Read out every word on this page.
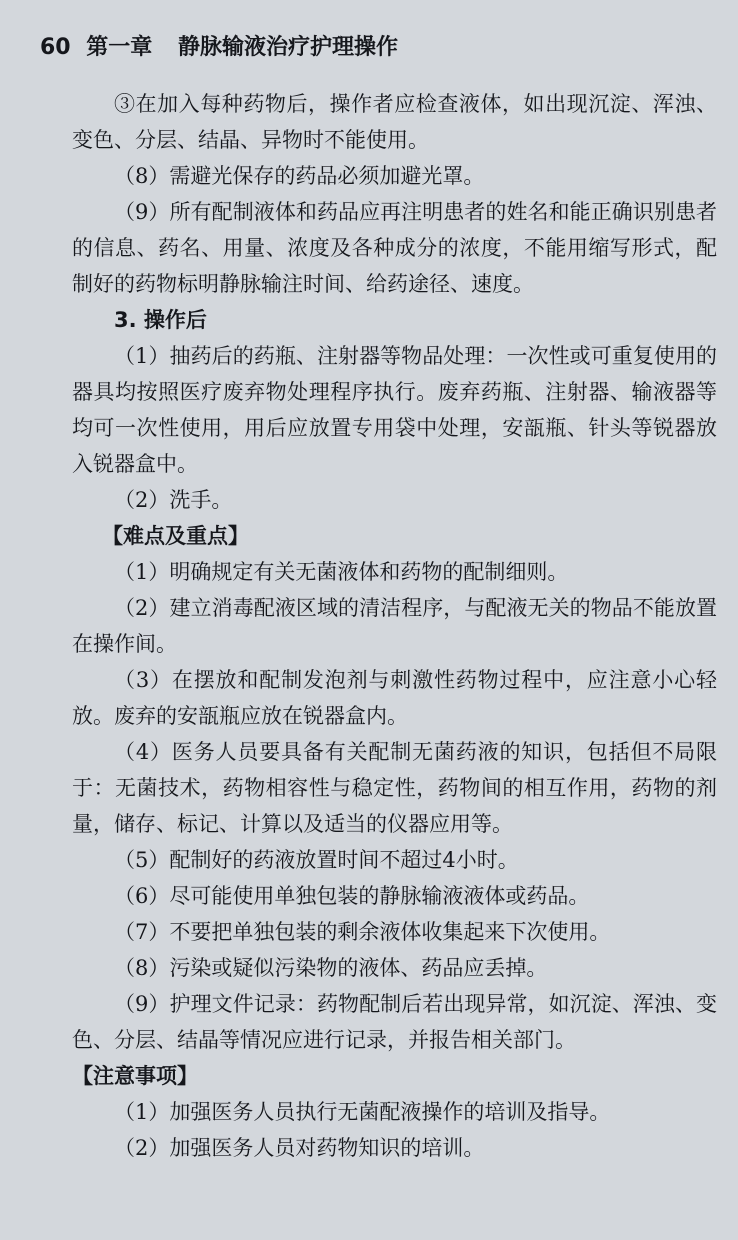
60 第一章 静脉输液治疗护理操作

③在加入每种药物后，操作者应检查液体，如出现沉淀、浑浊、变色、分层、结晶、异物时不能使用。

（8）需避光保存的药品必须加避光罩。

（9）所有配制液体和药品应再注明患者的姓名和能正确识别患者的信息、药名、用量、浓度及各种成分的浓度，不能用缩写形式，配制好的药物标明静脉输注时间、给药途径、速度。

3. 操作后

（1）抽药后的药瓶、注射器等物品处理：一次性或可重复使用的器具均按照医疗废弃物处理程序执行。废弃药瓶、注射器、输液器等均可一次性使用，用后应放置专用袋中处理，安瓿瓶、针头等锐器放入锐器盒中。

（2）洗手。

【难点及重点】

（1）明确规定有关无菌液体和药物的配制细则。

（2）建立消毒配液区域的清洁程序，与配液无关的物品不能放置在操作间。

（3）在摆放和配制发泡剂与刺激性药物过程中，应注意小心轻放。废弃的安瓿瓶应放在锐器盒内。

（4）医务人员要具备有关配制无菌药液的知识，包括但不局限于：无菌技术，药物相容性与稳定性，药物间的相互作用，药物的剂量，储存、标记、计算以及适当的仪器应用等。

（5）配制好的药液放置时间不超过4小时。

（6）尽可能使用单独包装的静脉输液液体或药品。

（7）不要把单独包装的剩余液体收集起来下次使用。

（8）污染或疑似污染物的液体、药品应丢掉。

（9）护理文件记录：药物配制后若出现异常，如沉淀、浑浊、变色、分层、结晶等情况应进行记录，并报告相关部门。

【注意事项】

（1）加强医务人员执行无菌配液操作的培训及指导。

（2）加强医务人员对药物知识的培训。
